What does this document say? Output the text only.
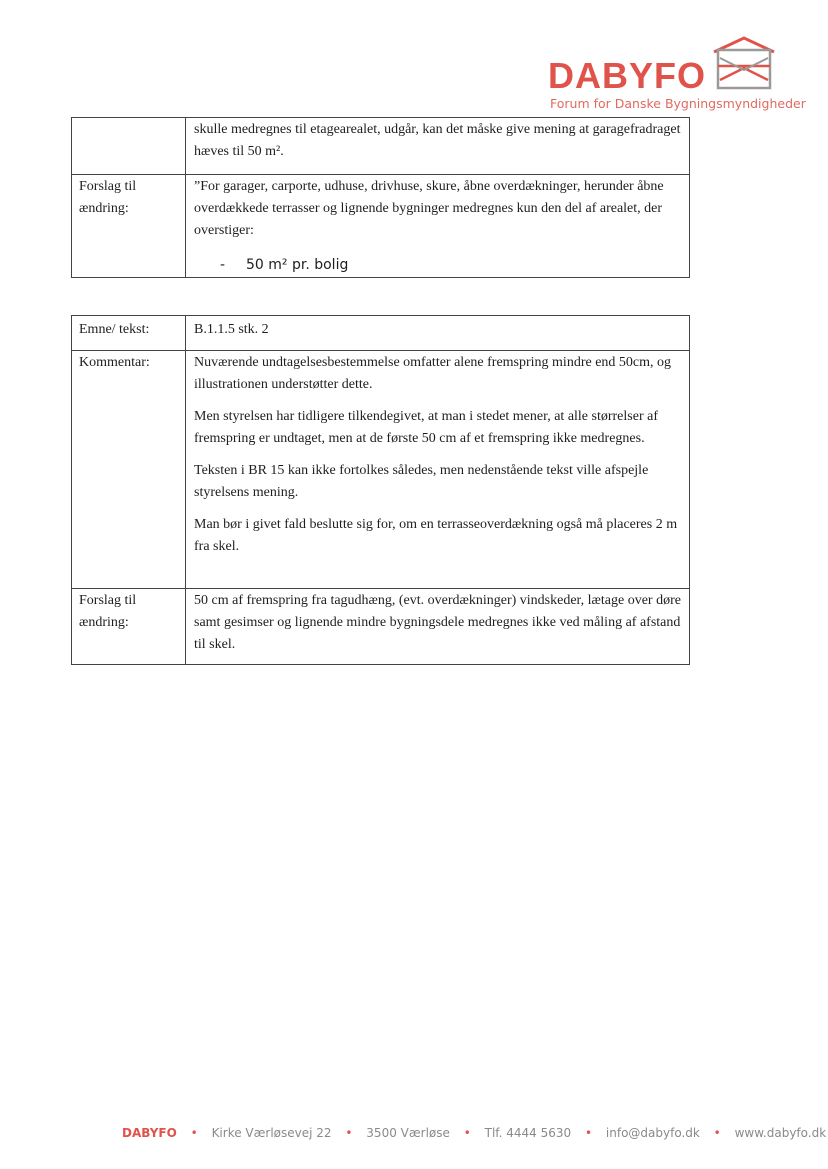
DABYFO
Forum for Danske Bygningsmyndigheder

	skulle medregnes til etagearealet, udgår, kan det måske give mening at garagefradraget hæves til 50 m².

Forslag til ændring:	”For garager, carporte, udhuse, drivhuse, skure, åbne overdækninger, herunder åbne overdækkede terrasser og lignende bygninger medregnes kun den del af arealet, der overstiger:

- 50 m² pr. bolig
Emne/ tekst:	B.1.1.5 stk. 2

Kommentar:	Nuværende undtagelsesbestemmelse omfatter alene fremspring mindre end 50cm, og illustrationen understøtter dette.

Men styrelsen har tidligere tilkendegivet, at man i stedet mener, at alle størrelser af fremspring er undtaget, men at de første 50 cm af et fremspring ikke medregnes.

Teksten i BR 15 kan ikke fortolkes således, men nedenstående tekst ville afspejle styrelsens mening.

Man bør i givet fald beslutte sig for, om en terrasseoverdækning også må placeres 2 m fra skel.

Forslag til ændring:	50 cm af fremspring fra tagudhæng, (evt. overdækninger) vindskeder, lætage over døre samt gesimser og lignende mindre bygningsdele medregnes ikke ved måling af afstand til skel.

DABYFO • Kirke Værløsevej 22 • 3500 Værløse • Tlf. 4444 5630 • info@dabyfo.dk • www.dabyfo.dk
